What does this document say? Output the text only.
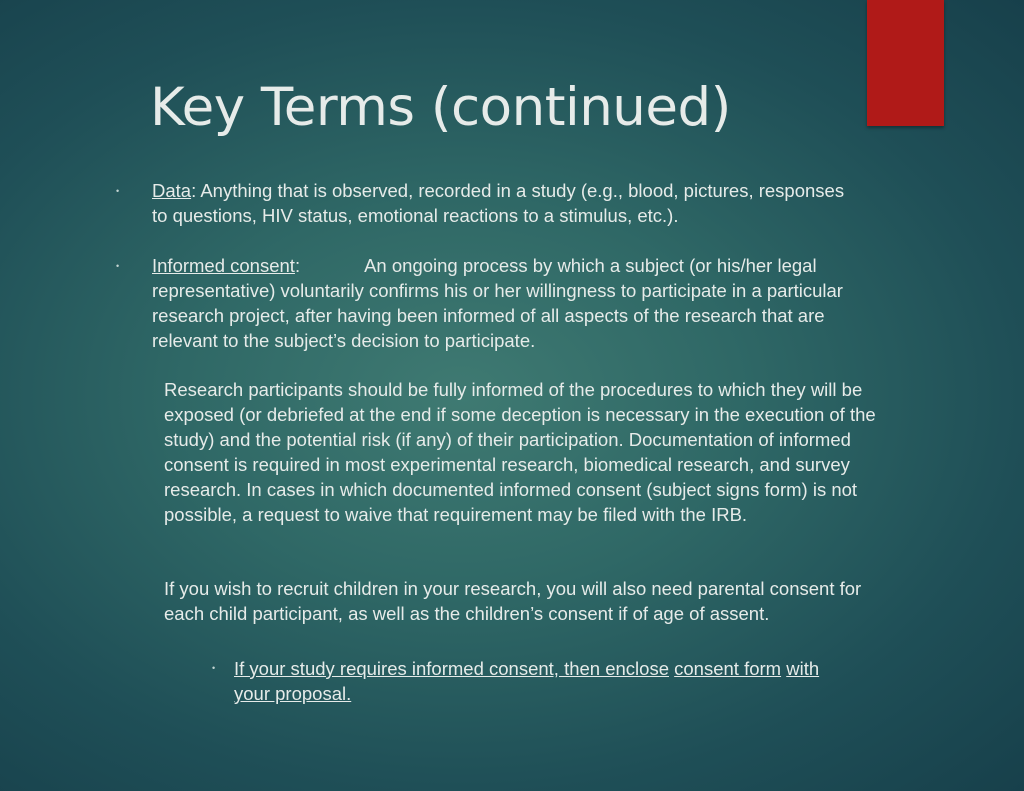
Key Terms (continued)
• Data: Anything that is observed, recorded in a study (e.g., blood, pictures, responses to questions, HIV status, emotional reactions to a stimulus, etc.).
• Informed consent:	An ongoing process by which a subject (or his/her legal representative) voluntarily confirms his or her willingness to participate in a particular research project, after having been informed of all aspects of the research that are relevant to the subject’s decision to participate.
Research participants should be fully informed of the procedures to which they will be exposed (or debriefed at the end if some deception is necessary in the execution of the study) and the potential risk (if any) of their participation. Documentation of informed consent is required in most experimental research, biomedical research, and survey research. In cases in which documented informed consent (subject signs form) is not possible, a request to waive that requirement may be filed with the IRB.
If you wish to recruit children in your research, you will also need parental consent for each child participant, as well as the children’s consent if of age of assent.
• If your study requires informed consent, then enclose consent form with your proposal.
